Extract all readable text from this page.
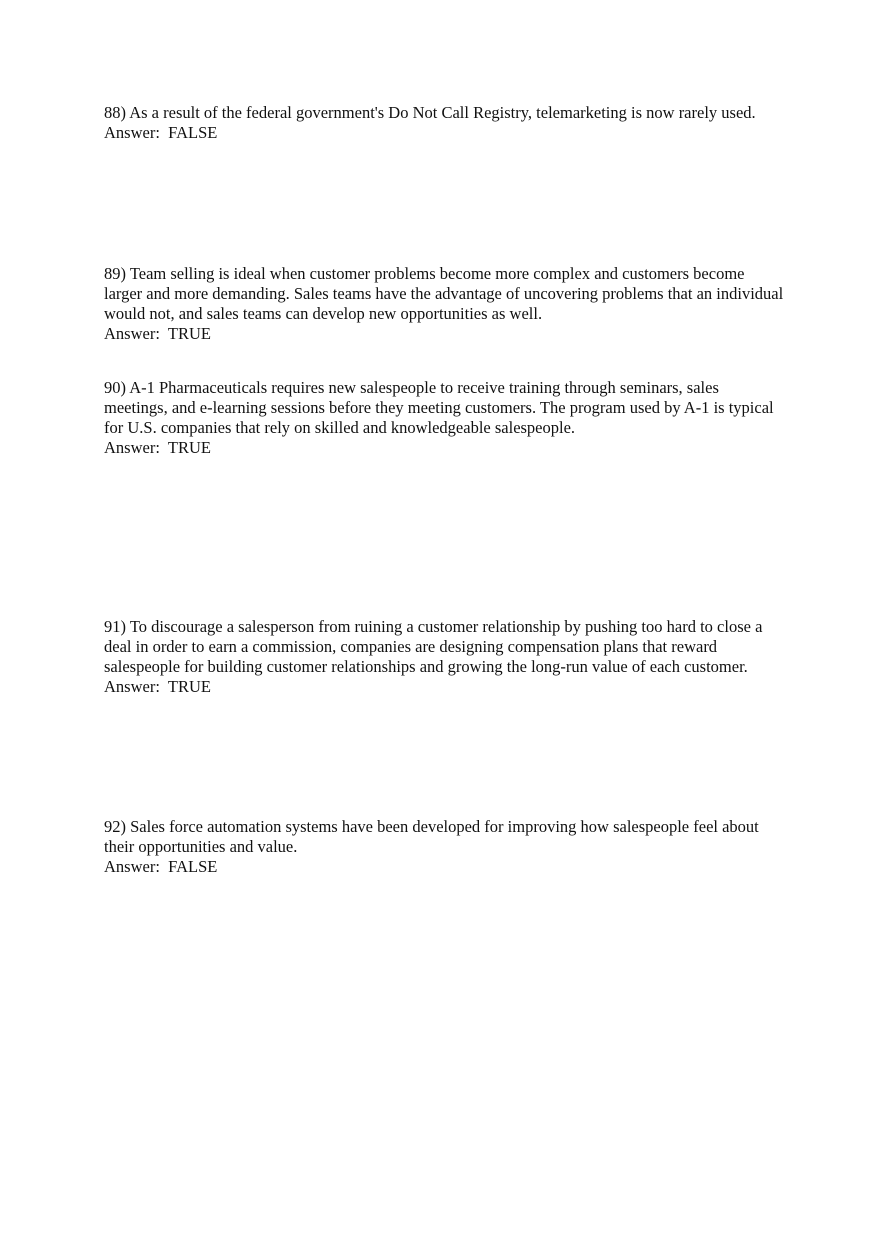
88) As a result of the federal government's Do Not Call Registry, telemarketing is now rarely used.

Answer:  FALSE

89) Team selling is ideal when customer problems become more complex and customers become larger and more demanding. Sales teams have the advantage of uncovering problems that an individual would not, and sales teams can develop new opportunities as well.

Answer:  TRUE

90) A-1 Pharmaceuticals requires new salespeople to receive training through seminars, sales meetings, and e-learning sessions before they meeting customers. The program used by A-1 is typical for U.S. companies that rely on skilled and knowledgeable salespeople.

Answer:  TRUE

91) To discourage a salesperson from ruining a customer relationship by pushing too hard to close a deal in order to earn a commission, companies are designing compensation plans that reward salespeople for building customer relationships and growing the long-run value of each customer.

Answer:  TRUE

92) Sales force automation systems have been developed for improving how salespeople feel about their opportunities and value.

Answer:  FALSE
